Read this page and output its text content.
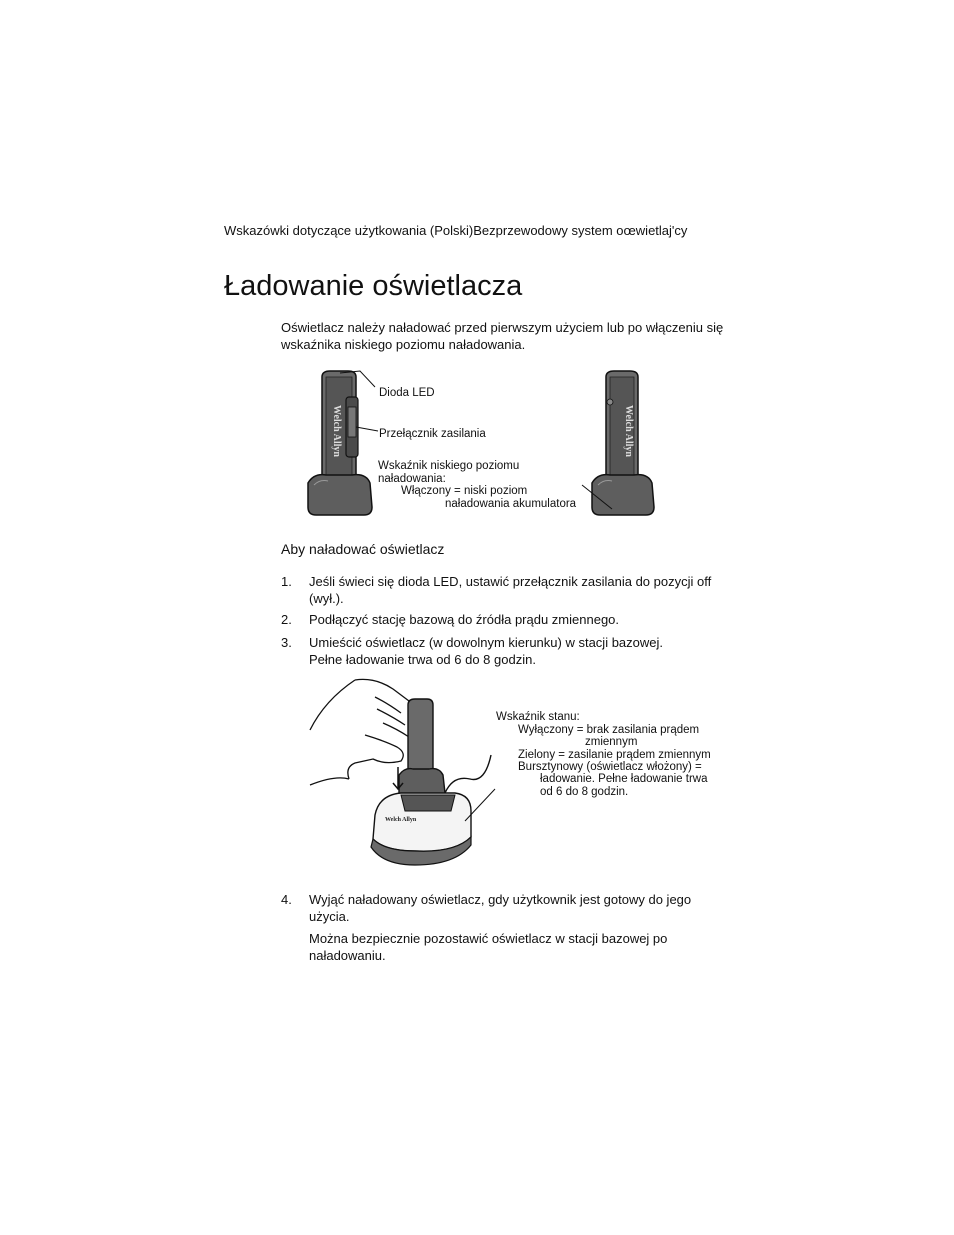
Wskazówki dotyczące użytkowania (Polski)Bezprzewodowy system oœwietlaj'cy
Ładowanie oświetlacza
Oświetlacz należy naładować przed pierwszym użyciem lub po włączeniu się wskaźnika niskiego poziomu naładowania.
Welch Allyn	Welch Allyn
Dioda LED
Przełącznik zasilania
Wskaźnik niskiego poziomu
naładowania:
Włączony = niski poziom
naładowania akumulatora
Aby naładować oświetlacz
1. Jeśli świeci się dioda LED, ustawić przełącznik zasilania do pozycji off (wył.).
2. Podłączyć stację bazową do źródła prądu zmiennego.
3. Umieścić oświetlacz (w dowolnym kierunku) w stacji bazowej.
Pełne ładowanie trwa od 6 do 8 godzin.
Welch Allyn
Wskaźnik stanu:
Wyłączony = brak zasilania prądem
zmiennym
Zielony = zasilanie prądem zmiennym
Bursztynowy (oświetlacz włożony) =
ładowanie. Pełne ładowanie trwa
od 6 do 8 godzin.
4. Wyjąć naładowany oświetlacz, gdy użytkownik jest gotowy do jego użycia.
Można bezpiecznie pozostawić oświetlacz w stacji bazowej po naładowaniu.
